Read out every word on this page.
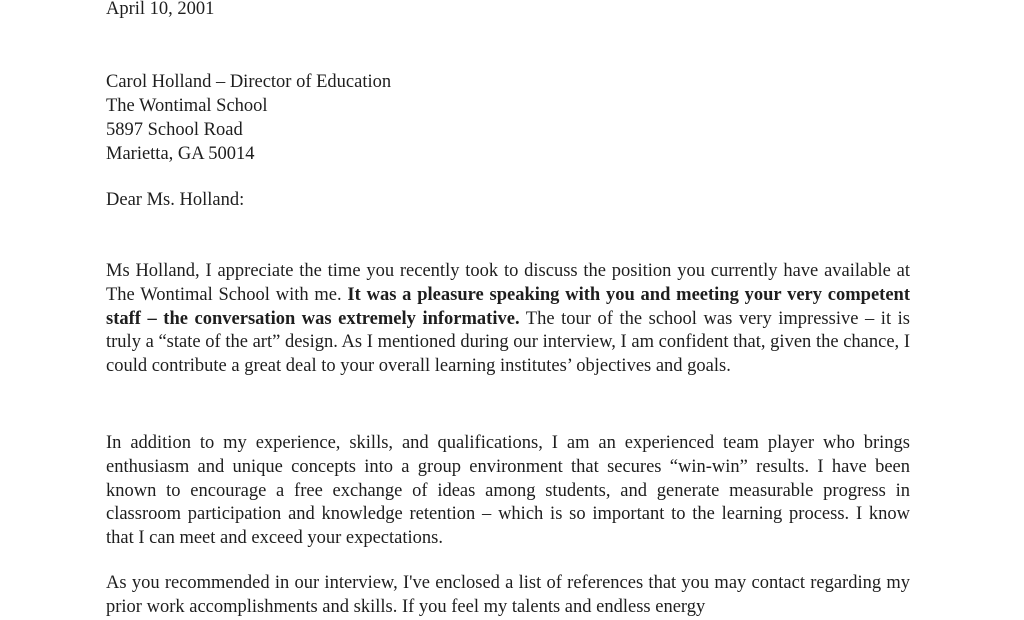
April 10, 2001

Carol Holland – Director of Education

The Wontimal School

5897 School Road

Marietta, GA 50014

Dear Ms. Holland:

Ms Holland, I appreciate the time you recently took to discuss the position you currently have available at The Wontimal School with me. It was a pleasure speaking with you and meeting your very competent staff – the conversation was extremely informative. The tour of the school was very impressive – it is truly a “state of the art” design. As I mentioned during our interview, I am confident that, given the chance, I could contribute a great deal to your overall learning institutes’ objectives and goals.

In addition to my experience, skills, and qualifications, I am an experienced team player who brings enthusiasm and unique concepts into a group environment that secures “win-win” results. I have been known to encourage a free exchange of ideas among students, and generate measurable progress in classroom participation and knowledge retention – which is so important to the learning process. I know that I can meet and exceed your expectations.

As you recommended in our interview, I've enclosed a list of references that you may contact regarding my prior work accomplishments and skills. If you feel my talents and endless energy
